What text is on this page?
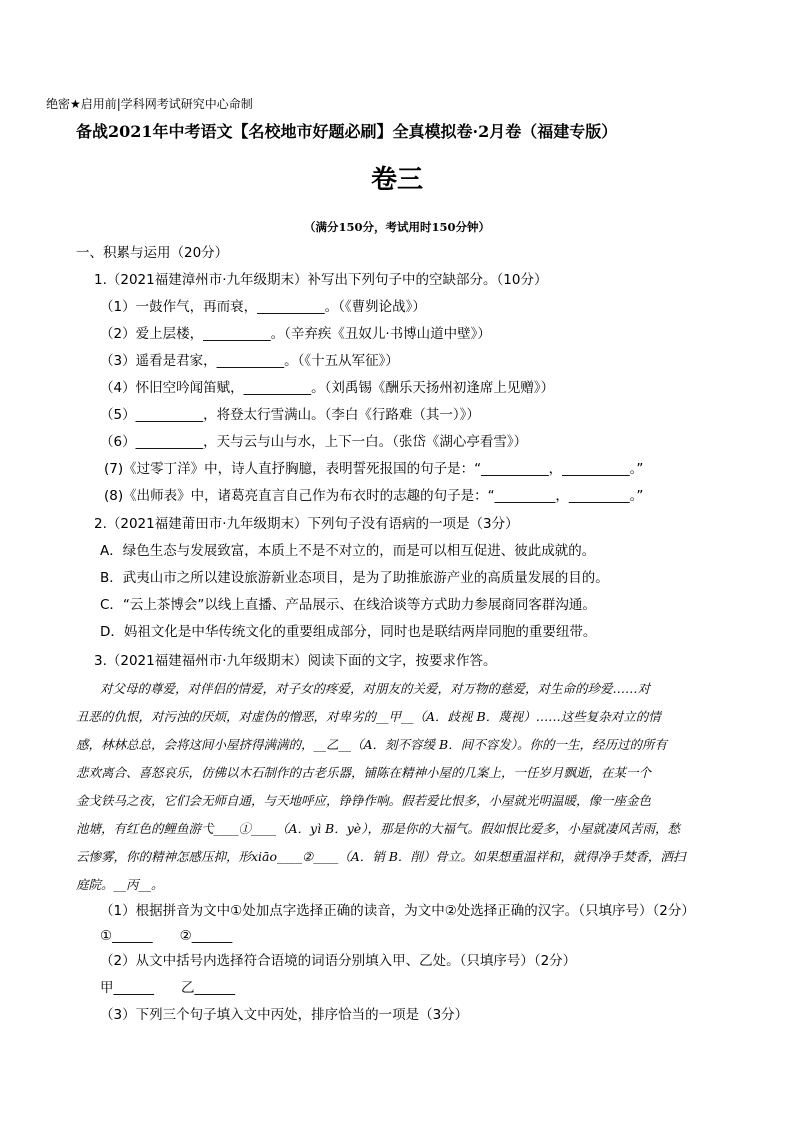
绝密★启用前|学科网考试研究中心命制
备战2021年中考语文【名校地市好题必刷】全真模拟卷·2月卷（福建专版）
卷三
（满分150分，考试用时150分钟）
一、积累与运用（20分）
1.（2021福建漳州市·九年级期末）补写出下列句子中的空缺部分。（10分）
（1）一鼓作气，再而衰，__________。（《曹刿论战》）
（2）爱上层楼，__________。（辛弃疾《丑奴儿·书博山道中壁》）
（3）遥看是君家，__________。（《十五从军征》）
（4）怀旧空吟闻笛赋，__________。（刘禹锡《酬乐天扬州初逢席上见赠》）
（5）__________，将登太行雪满山。（李白《行路难（其一）》）
（6）__________，天与云与山与水，上下一白。（张岱《湖心亭看雪》）
(7)《过零丁洋》中，诗人直抒胸臆，表明誓死报国的句子是：“__________，__________。”
(8)《出师表》中，诸葛亮直言自己作为布衣时的志趣的句子是：“_________，_________。”
2.（2021福建莆田市·九年级期末）下列句子没有语病的一项是（3分）
A．绿色生态与发展致富，本质上不是不对立的，而是可以相互促进、彼此成就的。
B．武夷山市之所以建设旅游新业态项目，是为了助推旅游产业的高质量发展的目的。
C．“云上茶博会”以线上直播、产品展示、在线洽谈等方式助力参展商同客群沟通。
D．妈祖文化是中华传统文化的重要组成部分，同时也是联结两岸同胞的重要纽带。
3.（2021福建福州市·九年级期末）阅读下面的文字，按要求作答。
对父母的尊爱，对伴侣的情爱，对子女的疼爱，对朋友的关爱，对万物的慈爱，对生命的珍爱……对
丑恶的仇恨，对污浊的厌烦，对虚伪的憎恶，对卑劣的__甲__（A．歧视 B．蔑视）……这些复杂对立的情
感，林林总总，会将这间小屋挤得满满的，__乙__（A．刻不容缓 B．间不容发）。你的一生，经历过的所有
悲欢离合、喜怒哀乐，仿佛以木石制作的古老乐器，铺陈在精神小屋的几案上，一任岁月飘逝，在某一个
金戈铁马之夜，它们会无师自通，与天地呼应，铮铮作响。假若爱比恨多，小屋就光明温暖，像一座金色
池塘，有红色的鲤鱼游弋____①____（A．yì B．yè），那是你的大福气。假如恨比爱多，小屋就凄风苦雨，愁
云惨雾，你的精神怎感压抑，形xiāo____②____（A．销 B．削）骨立。如果想重温祥和，就得净手焚香，洒扫
庭院。__丙__。
（1）根据拼音为文中①处加点字选择正确的读音，为文中②处选择正确的汉字。（只填序号）（2分）
①______　　②______
（2）从文中括号内选择符合语境的词语分别填入甲、乙处。（只填序号）（2分）
甲______　　乙______
（3）下列三个句子填入文中丙处，排序恰当的一项是（3分）
